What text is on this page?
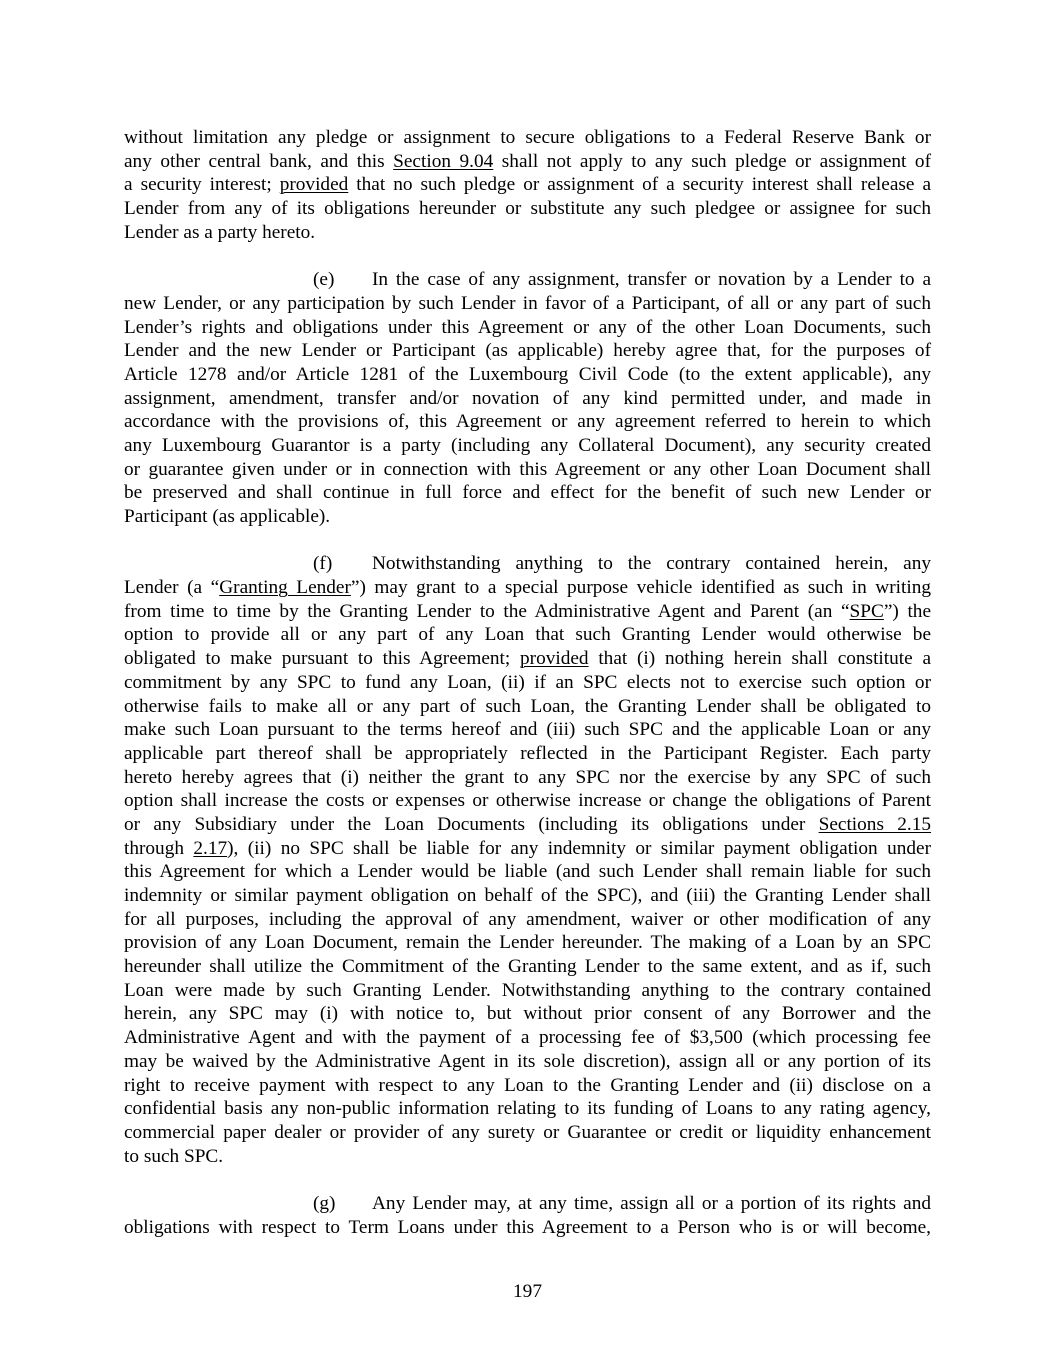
without limitation any pledge or assignment to secure obligations to a Federal Reserve Bank or
any other central bank, and this Section 9.04 shall not apply to any such pledge or assignment of
a security interest; provided that no such pledge or assignment of a security interest shall release a
Lender from any of its obligations hereunder or substitute any such pledgee or assignee for such
Lender as a party hereto.
(e) In the case of any assignment, transfer or novation by a Lender to a
new Lender, or any participation by such Lender in favor of a Participant, of all or any part of such
Lender’s rights and obligations under this Agreement or any of the other Loan Documents, such
Lender and the new Lender or Participant (as applicable) hereby agree that, for the purposes of
Article 1278 and/or Article 1281 of the Luxembourg Civil Code (to the extent applicable), any
assignment, amendment, transfer and/or novation of any kind permitted under, and made in
accordance with the provisions of, this Agreement or any agreement referred to herein to which
any Luxembourg Guarantor is a party (including any Collateral Document), any security created
or guarantee given under or in connection with this Agreement or any other Loan Document shall
be preserved and shall continue in full force and effect for the benefit of such new Lender or
Participant (as applicable).
(f) Notwithstanding anything to the contrary contained herein, any
Lender (a “Granting Lender”) may grant to a special purpose vehicle identified as such in writing
from time to time by the Granting Lender to the Administrative Agent and Parent (an “SPC”) the
option to provide all or any part of any Loan that such Granting Lender would otherwise be
obligated to make pursuant to this Agreement; provided that (i) nothing herein shall constitute a
commitment by any SPC to fund any Loan, (ii) if an SPC elects not to exercise such option or
otherwise fails to make all or any part of such Loan, the Granting Lender shall be obligated to
make such Loan pursuant to the terms hereof and (iii) such SPC and the applicable Loan or any
applicable part thereof shall be appropriately reflected in the Participant Register. Each party
hereto hereby agrees that (i) neither the grant to any SPC nor the exercise by any SPC of such
option shall increase the costs or expenses or otherwise increase or change the obligations of Parent
or any Subsidiary under the Loan Documents (including its obligations under Sections 2.15
through 2.17), (ii) no SPC shall be liable for any indemnity or similar payment obligation under
this Agreement for which a Lender would be liable (and such Lender shall remain liable for such
indemnity or similar payment obligation on behalf of the SPC), and (iii) the Granting Lender shall
for all purposes, including the approval of any amendment, waiver or other modification of any
provision of any Loan Document, remain the Lender hereunder. The making of a Loan by an SPC
hereunder shall utilize the Commitment of the Granting Lender to the same extent, and as if, such
Loan were made by such Granting Lender. Notwithstanding anything to the contrary contained
herein, any SPC may (i) with notice to, but without prior consent of any Borrower and the
Administrative Agent and with the payment of a processing fee of $3,500 (which processing fee
may be waived by the Administrative Agent in its sole discretion), assign all or any portion of its
right to receive payment with respect to any Loan to the Granting Lender and (ii) disclose on a
confidential basis any non-public information relating to its funding of Loans to any rating agency,
commercial paper dealer or provider of any surety or Guarantee or credit or liquidity enhancement
to such SPC.
(g) Any Lender may, at any time, assign all or a portion of its rights and
obligations with respect to Term Loans under this Agreement to a Person who is or will become,
197
